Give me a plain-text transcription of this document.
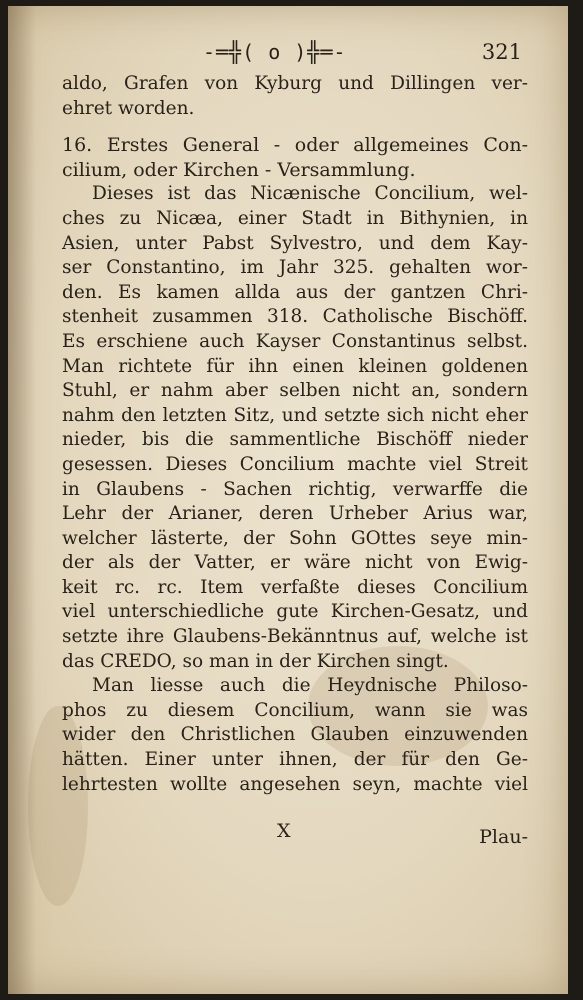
-═╬( o )╬═-	321
aldo, Grafen von Kyburg und Dillingen ver-
ehret worden.
16. Erstes General - oder allgemeines Con-
cilium, oder Kirchen - Versammlung.
Dieses ist das Nicænische Concilium, wel-
ches zu Nicæa, einer Stadt in Bithynien, in
Asien, unter Pabst Sylvestro, und dem Kay-
ser Constantino, im Jahr 325. gehalten wor-
den. Es kamen allda aus der gantzen Chri-
stenheit zusammen 318. Catholische Bischöff.
Es erschiene auch Kayser Constantinus selbst.
Man richtete für ihn einen kleinen goldenen
Stuhl, er nahm aber selben nicht an, sondern
nahm den letzten Sitz, und setzte sich nicht eher
nieder, bis die sammentliche Bischöff nieder
gesessen. Dieses Concilium machte viel Streit
in Glaubens - Sachen richtig, verwarffe die
Lehr der Arianer, deren Urheber Arius war,
welcher lästerte, der Sohn GOttes seye min-
der als der Vatter, er wäre nicht von Ewig-
keit rc. rc. Item verfaßte dieses Concilium
viel unterschiedliche gute Kirchen-Gesatz, und
setzte ihre Glaubens-Bekänntnus auf, welche ist
das CREDO, so man in der Kirchen singt.
Man liesse auch die Heydnische Philoso-
phos zu diesem Concilium, wann sie was
wider den Christlichen Glauben einzuwenden
hätten. Einer unter ihnen, der für den Ge-
lehrtesten wollte angesehen seyn, machte viel
X	Plau-
